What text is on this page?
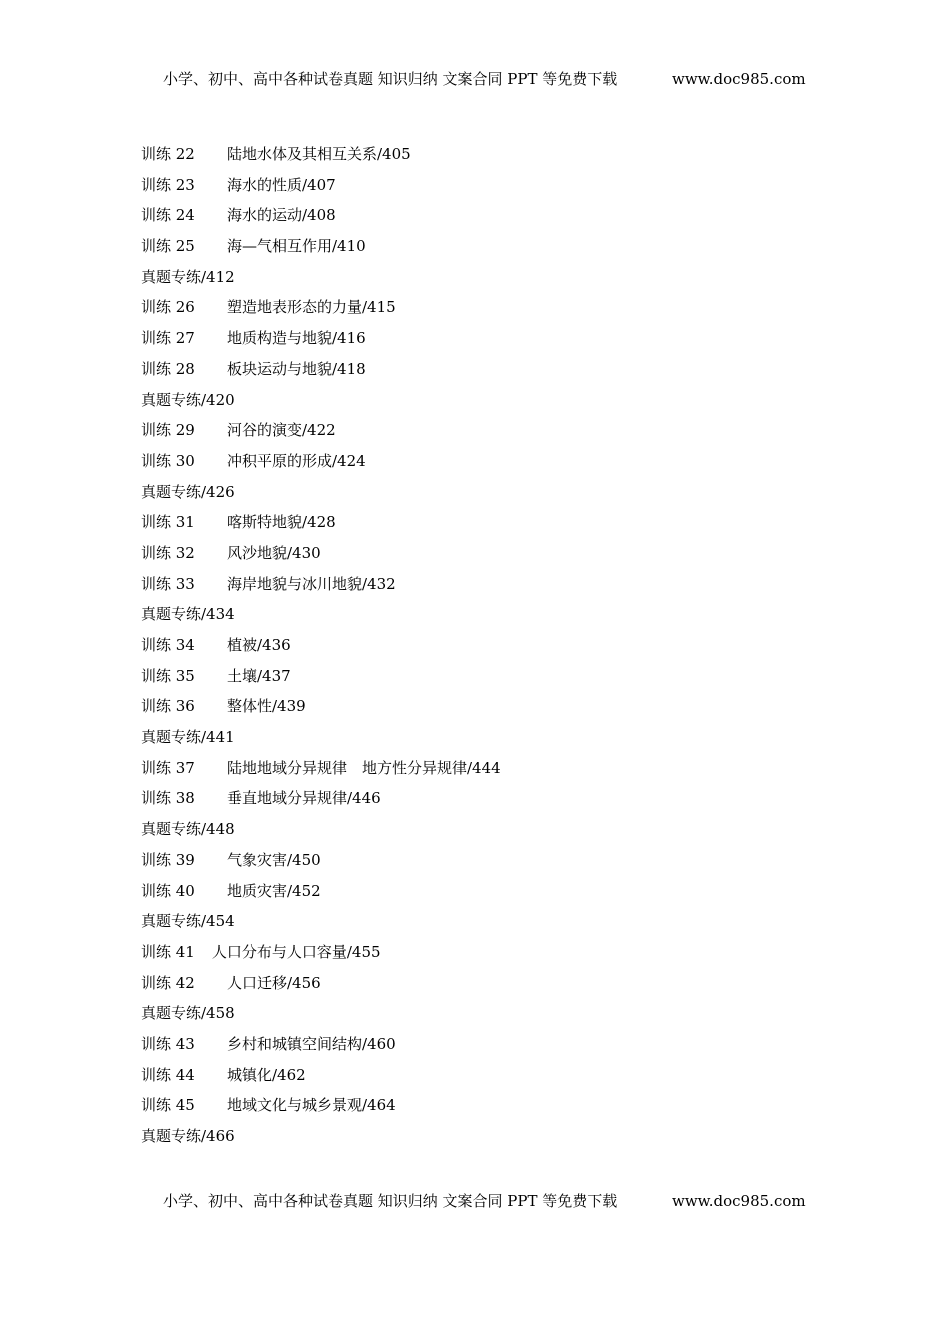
小学、初中、高中各种试卷真题 知识归纳 文案合同 PPT 等免费下载	www.doc985.com
训练 22 陆地水体及其相互关系/405
训练 23 海水的性质/407
训练 24 海水的运动/408
训练 25 海—气相互作用/410
真题专练/412
训练 26 塑造地表形态的力量/415
训练 27 地质构造与地貌/416
训练 28 板块运动与地貌/418
真题专练/420
训练 29 河谷的演变/422
训练 30 冲积平原的形成/424
真题专练/426
训练 31 喀斯特地貌/428
训练 32 风沙地貌/430
训练 33 海岸地貌与冰川地貌/432
真题专练/434
训练 34 植被/436
训练 35 土壤/437
训练 36 整体性/439
真题专练/441
训练 37 陆地地域分异规律　地方性分异规律/444
训练 38 垂直地域分异规律/446
真题专练/448
训练 39 气象灾害/450
训练 40 地质灾害/452
真题专练/454
训练 41 人口分布与人口容量/455
训练 42 人口迁移/456
真题专练/458
训练 43 乡村和城镇空间结构/460
训练 44 城镇化/462
训练 45 地域文化与城乡景观/464
真题专练/466
小学、初中、高中各种试卷真题 知识归纳 文案合同 PPT 等免费下载	www.doc985.com
